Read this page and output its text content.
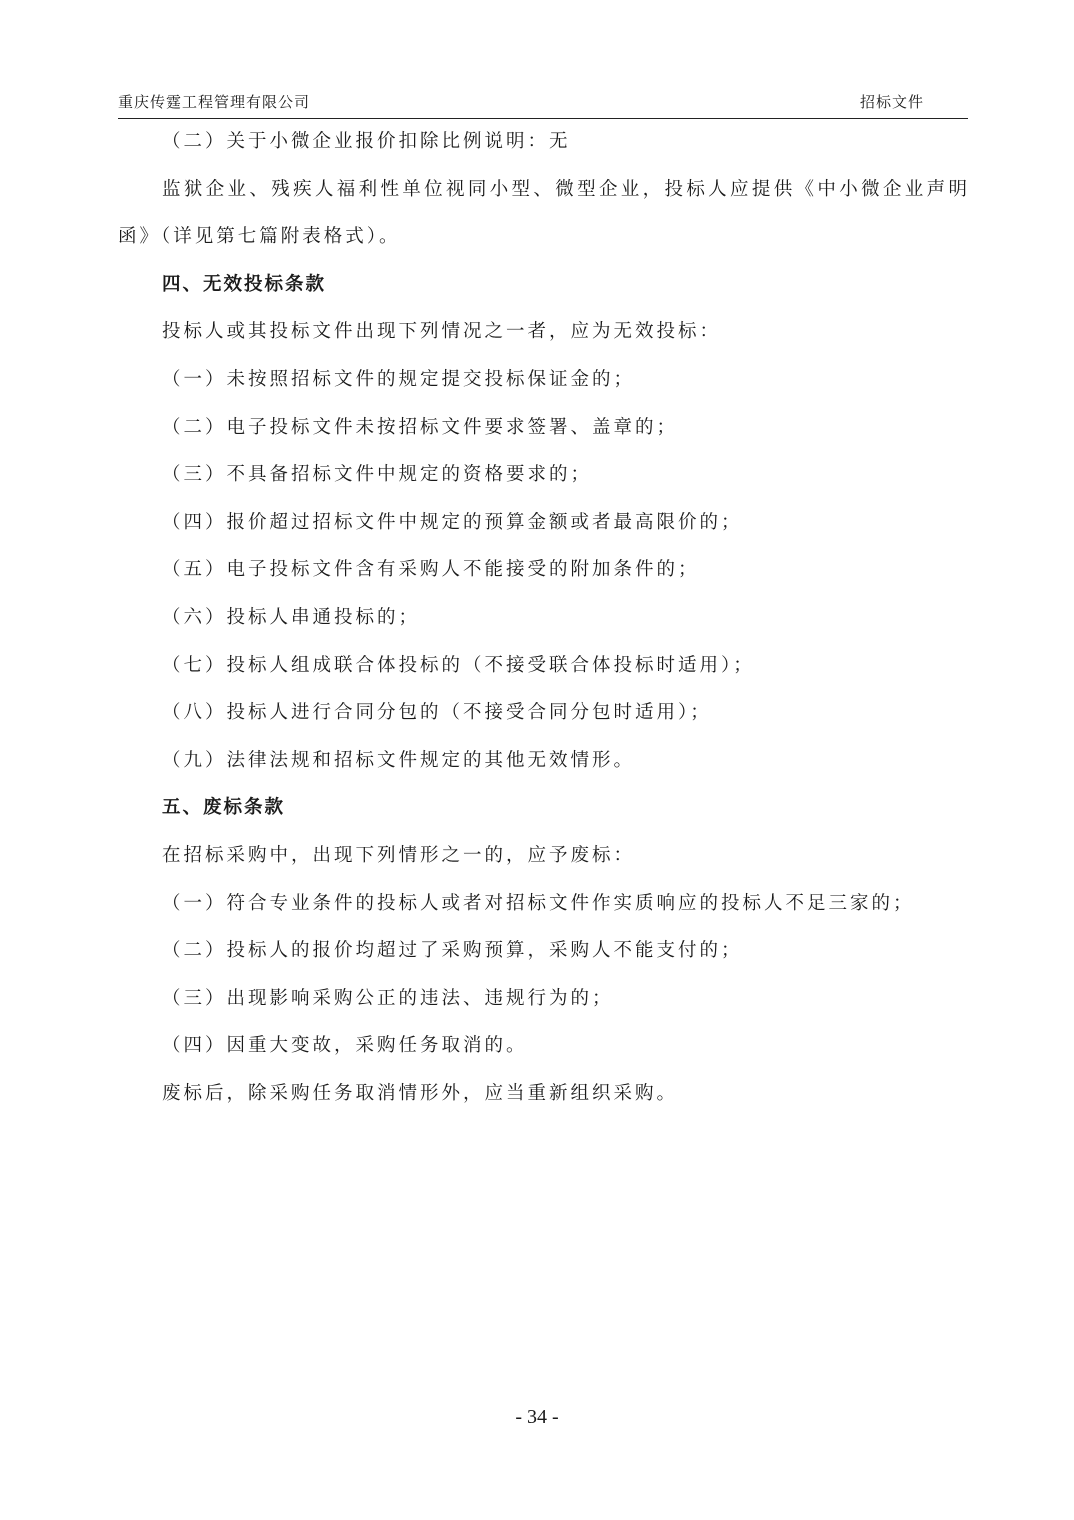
重庆传霆工程管理有限公司	招标文件
（二）关于小微企业报价扣除比例说明：无
监狱企业、残疾人福利性单位视同小型、微型企业，投标人应提供《中小微企业声明
函》（详见第七篇附表格式）。
四、无效投标条款
投标人或其投标文件出现下列情况之一者，应为无效投标：
（一）未按照招标文件的规定提交投标保证金的；
（二）电子投标文件未按招标文件要求签署、盖章的；
（三）不具备招标文件中规定的资格要求的；
（四）报价超过招标文件中规定的预算金额或者最高限价的；
（五）电子投标文件含有采购人不能接受的附加条件的；
（六）投标人串通投标的；
（七）投标人组成联合体投标的（不接受联合体投标时适用）；
（八）投标人进行合同分包的（不接受合同分包时适用）；
（九）法律法规和招标文件规定的其他无效情形。
五、废标条款
在招标采购中，出现下列情形之一的，应予废标：
（一）符合专业条件的投标人或者对招标文件作实质响应的投标人不足三家的；
（二）投标人的报价均超过了采购预算，采购人不能支付的；
（三）出现影响采购公正的违法、违规行为的；
（四）因重大变故，采购任务取消的。
废标后，除采购任务取消情形外，应当重新组织采购。
- 34 -
